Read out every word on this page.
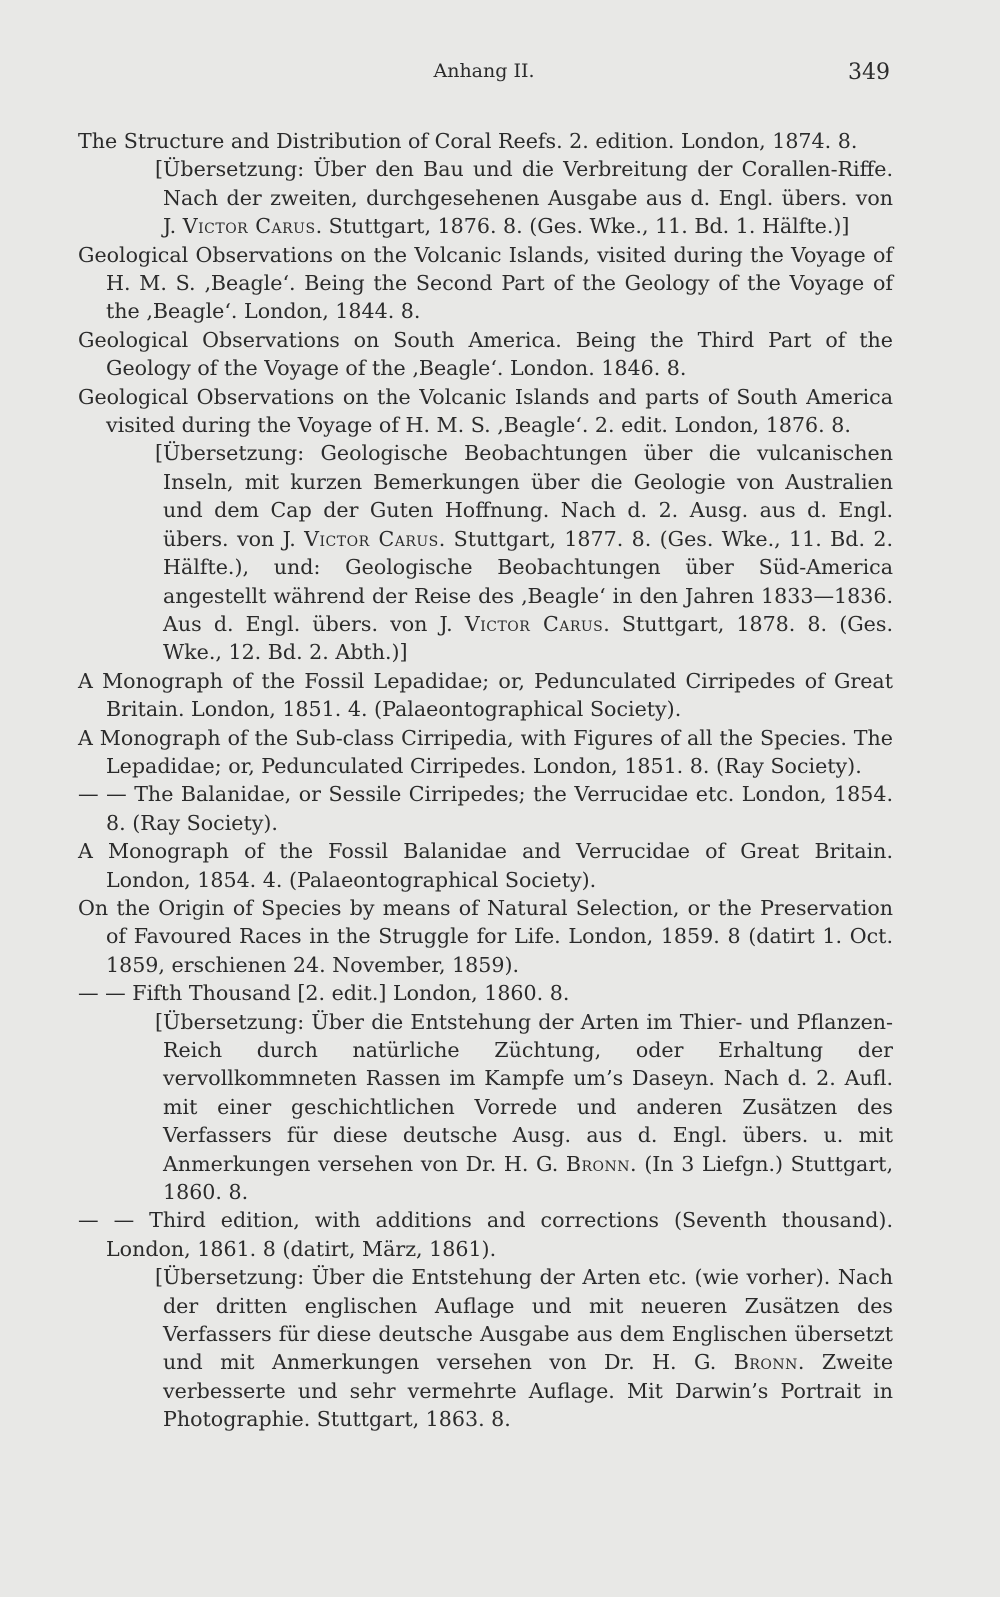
Anhang II.	349

The Structure and Distribution of Coral Reefs. 2. edition. London, 1874. 8.

[Übersetzung: Über den Bau und die Verbreitung der Corallen-Riffe. Nach der zweiten, durchgesehenen Ausgabe aus d. Engl. übers. von J. Victor Carus. Stuttgart, 1876. 8. (Ges. Wke., 11. Bd. 1. Hälfte.)]

Geological Observations on the Volcanic Islands, visited during the Voyage of H. M. S. ‚Beagle‘. Being the Second Part of the Geology of the Voyage of the ‚Beagle‘. London, 1844. 8.

Geological Observations on South America. Being the Third Part of the Geology of the Voyage of the ‚Beagle‘. London. 1846. 8.

Geological Observations on the Volcanic Islands and parts of South America visited during the Voyage of H. M. S. ‚Beagle‘. 2. edit. London, 1876. 8.

[Übersetzung: Geologische Beobachtungen über die vulcanischen Inseln, mit kurzen Bemerkungen über die Geologie von Australien und dem Cap der Guten Hoffnung. Nach d. 2. Ausg. aus d. Engl. übers. von J. Victor Carus. Stuttgart, 1877. 8. (Ges. Wke., 11. Bd. 2. Hälfte.), und: Geologische Beobachtungen über Süd-America angestellt während der Reise des ‚Beagle‘ in den Jahren 1833—1836. Aus d. Engl. übers. von J. Victor Carus. Stuttgart, 1878. 8. (Ges. Wke., 12. Bd. 2. Abth.)]

A Monograph of the Fossil Lepadidae; or, Pedunculated Cirripedes of Great Britain. London, 1851. 4. (Palaeontographical Society).

A Monograph of the Sub-class Cirripedia, with Figures of all the Species. The Lepadidae; or, Pedunculated Cirripedes. London, 1851. 8. (Ray Society).

— — The Balanidae, or Sessile Cirripedes; the Verrucidae etc. London, 1854. 8. (Ray Society).

A Monograph of the Fossil Balanidae and Verrucidae of Great Britain. London, 1854. 4. (Palaeontographical Society).

On the Origin of Species by means of Natural Selection, or the Preservation of Favoured Races in the Struggle for Life. London, 1859. 8 (datirt 1. Oct. 1859, erschienen 24. November, 1859).

— — Fifth Thousand [2. edit.] London, 1860. 8.

[Übersetzung: Über die Entstehung der Arten im Thier- und Pflanzen-Reich durch natürliche Züchtung, oder Erhaltung der vervollkommneten Rassen im Kampfe um’s Daseyn. Nach d. 2. Aufl. mit einer geschichtlichen Vorrede und anderen Zusätzen des Verfassers für diese deutsche Ausg. aus d. Engl. übers. u. mit Anmerkungen versehen von Dr. H. G. Bronn. (In 3 Liefgn.) Stuttgart, 1860. 8.

— — Third edition, with additions and corrections (Seventh thousand). London, 1861. 8 (datirt, März, 1861).

[Übersetzung: Über die Entstehung der Arten etc. (wie vorher). Nach der dritten englischen Auflage und mit neueren Zusätzen des Verfassers für diese deutsche Ausgabe aus dem Englischen übersetzt und mit Anmerkungen versehen von Dr. H. G. Bronn. Zweite verbesserte und sehr vermehrte Auflage. Mit Darwin’s Portrait in Photographie. Stuttgart, 1863. 8.
